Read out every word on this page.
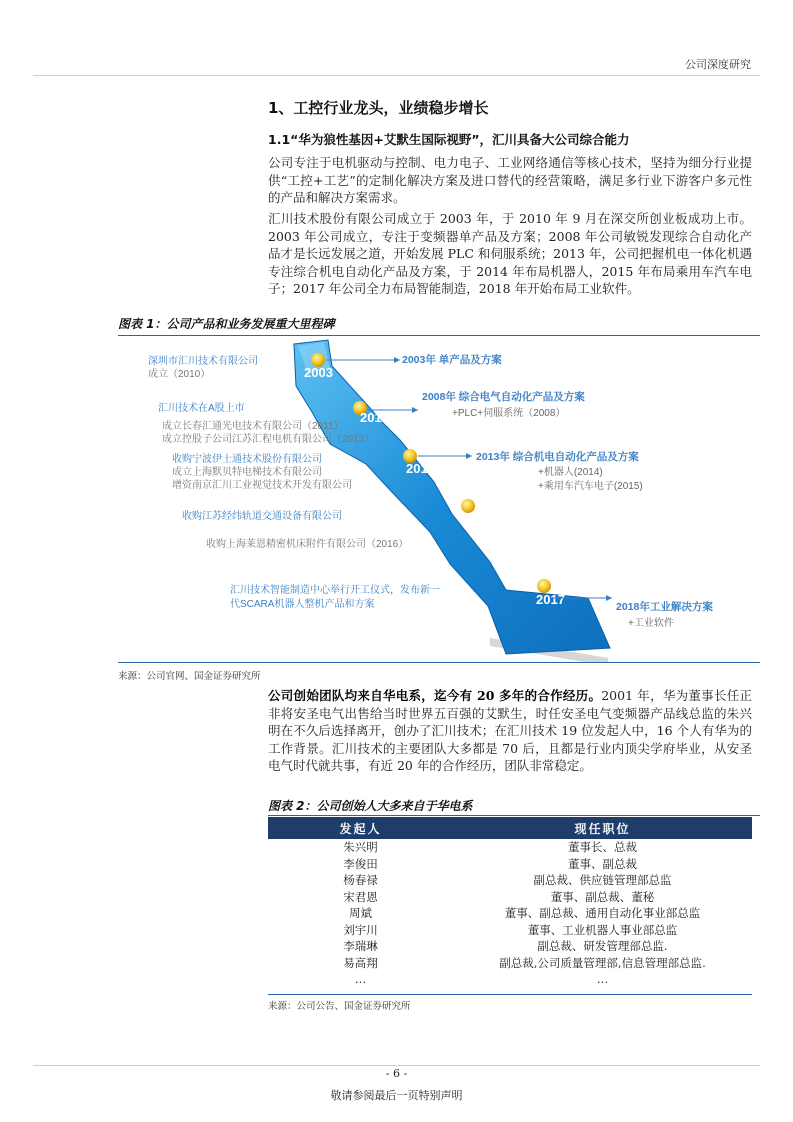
公司深度研究
1、工控行业龙头，业绩稳步增长
1.1“华为狼性基因+艾默生国际视野”，汇川具备大公司综合能力

公司专注于电机驱动与控制、电力电子、工业网络通信等核心技术，坚持为细分行业提供“工控+工艺”的定制化解决方案及进口替代的经营策略，满足多行业下游客户多元性的产品和解决方案需求。

汇川技术股份有限公司成立于 2003 年，于 2010 年 9 月在深交所创业板成功上市。2003 年公司成立，专注于变频器单产品及方案；2008 年公司敏锐发现综合自动化产品才是长远发展之道，开始发展 PLC 和伺服系统；2013 年，公司把握机电一体化机遇专注综合机电自动化产品及方案，于 2014 年布局机器人，2015 年布局乘用车汽车电子；2017 年公司全力布局智能制造，2018 年开始布局工业软件。

图表 1：公司产品和业务发展重大里程碑
2003
2010
2013
2015
2017
深圳市汇川技术有限公司
成立（2010）
汇川技术在A股上市
成立长春汇通光电技术有限公司（2011）
成立控股子公司江苏汇程电机有限公司（2012）
收购宁波伊士通技术股份有限公司
成立上海默贝特电梯技术有限公司
增资南京汇川工业视觉技术开发有限公司
收购江苏经纬轨道交通设备有限公司
收购上海莱恩精密机床附件有限公司（2016）
汇川技术智能制造中心举行开工仪式，发布新一
代SCARA机器人整机产品和方案
2003年 单产品及方案
2008年 综合电气自动化产品及方案
+PLC+伺服系统（2008）
2013年 综合机电自动化产品及方案
+机器人(2014)
+乘用车汽车电子(2015)
2018年工业解决方案
+工业软件
来源：公司官网、国金证券研究所

公司创始团队均来自华电系，迄今有 20 多年的合作经历。2001 年，华为董事长任正非将安圣电气出售给当时世界五百强的艾默生，时任安圣电气变频器产品线总监的朱兴明在不久后选择离开，创办了汇川技术；在汇川技术 19 位发起人中，16 个人有华为的工作背景。汇川技术的主要团队大多都是 70 后，且都是行业内顶尖学府毕业，从安圣电气时代就共事，有近 20 年的合作经历，团队非常稳定。

图表 2：公司创始人大多来自于华电系
发起人	现任职位
朱兴明	董事长、总裁
李俊田	董事、副总裁
杨春禄	副总裁、供应链管理部总监
宋君恩	董事、副总裁、董秘
周斌	董事、副总裁、通用自动化事业部总监
刘宇川	董事、工业机器人事业部总监
李瑞琳	副总裁、研发管理部总监.
易高翔	副总裁,公司质量管理部,信息管理部总监.
…	…
来源：公司公告、国金证券研究所
- 6 -
敬请参阅最后一页特别声明
